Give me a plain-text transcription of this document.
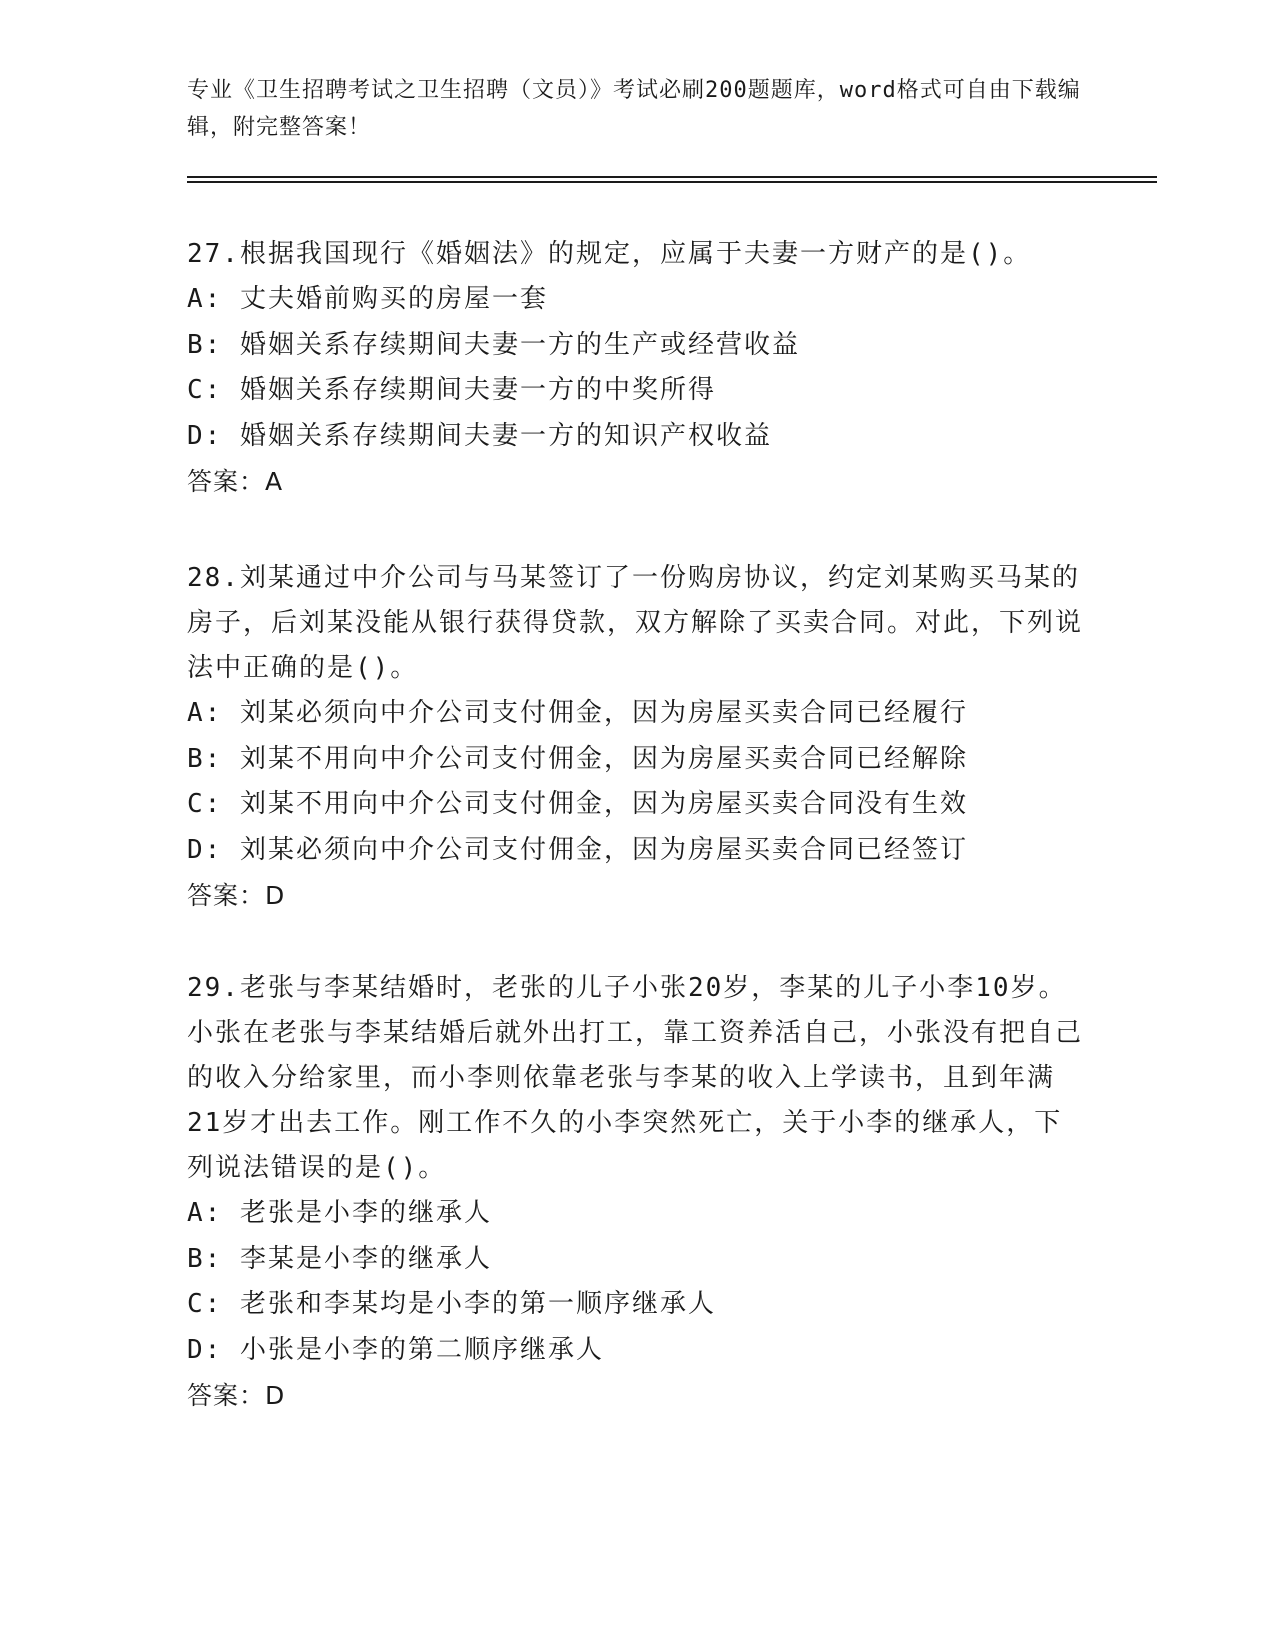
专业《卫生招聘考试之卫生招聘（文员）》考试必刷200题题库，word格式可自由下载编辑，附完整答案！
27.根据我国现行《婚姻法》的规定，应属于夫妻一方财产的是()。
A: 丈夫婚前购买的房屋一套
B: 婚姻关系存续期间夫妻一方的生产或经营收益
C: 婚姻关系存续期间夫妻一方的中奖所得
D: 婚姻关系存续期间夫妻一方的知识产权收益
答案：A
28.刘某通过中介公司与马某签订了一份购房协议，约定刘某购买马某的房子，后刘某没能从银行获得贷款，双方解除了买卖合同。对此，下列说法中正确的是()。
A: 刘某必须向中介公司支付佣金，因为房屋买卖合同已经履行
B: 刘某不用向中介公司支付佣金，因为房屋买卖合同已经解除
C: 刘某不用向中介公司支付佣金，因为房屋买卖合同没有生效
D: 刘某必须向中介公司支付佣金，因为房屋买卖合同已经签订
答案：D
29.老张与李某结婚时，老张的儿子小张20岁，李某的儿子小李10岁。小张在老张与李某结婚后就外出打工，靠工资养活自己，小张没有把自己的收入分给家里，而小李则依靠老张与李某的收入上学读书，且到年满21岁才出去工作。刚工作不久的小李突然死亡，关于小李的继承人，下列说法错误的是()。
A: 老张是小李的继承人
B: 李某是小李的继承人
C: 老张和李某均是小李的第一顺序继承人
D: 小张是小李的第二顺序继承人
答案：D
